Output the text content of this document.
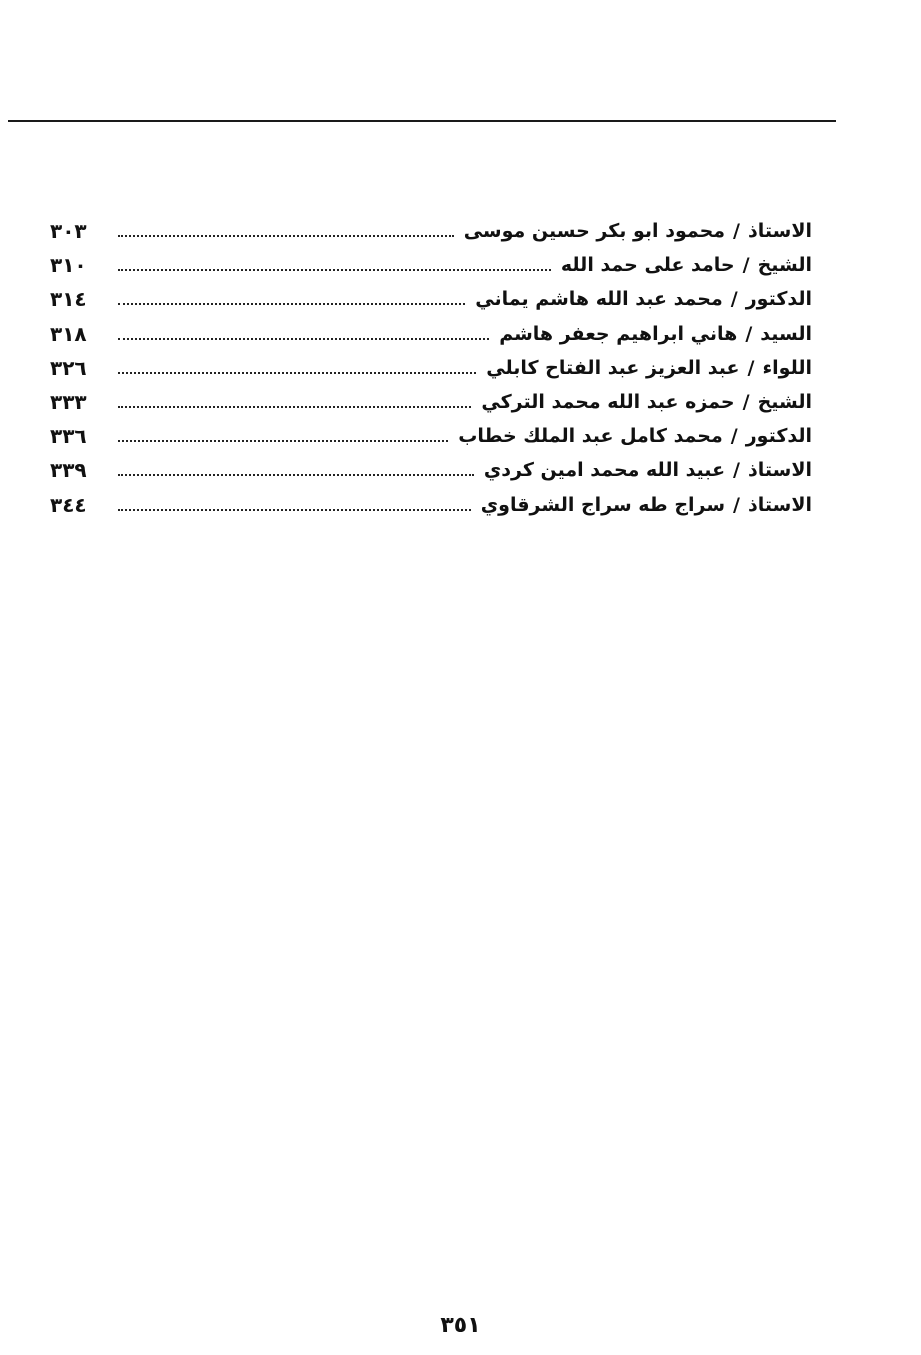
٣٠٣	الاستاذ/محمود ابو بكر حسين موسى
٣١٠	الشيخ/حامد على حمد الله
٣١٤	الدكتور/محمد عبد الله هاشم يماني
٣١٨	السيد/هاني ابراهيم جعفر هاشم
٣٢٦	اللواء/عبد العزيز عبد الفتاح كابلي
٣٣٣	الشيخ/حمزه عبد الله محمد التركي
٣٣٦	الدكتور/محمد كامل عبد الملك خطاب
٣٣٩	الاستاذ/عبيد الله محمد امين كردي
٣٤٤	الاستاذ/سراج طه سراج الشرقاوي
٣٥١
